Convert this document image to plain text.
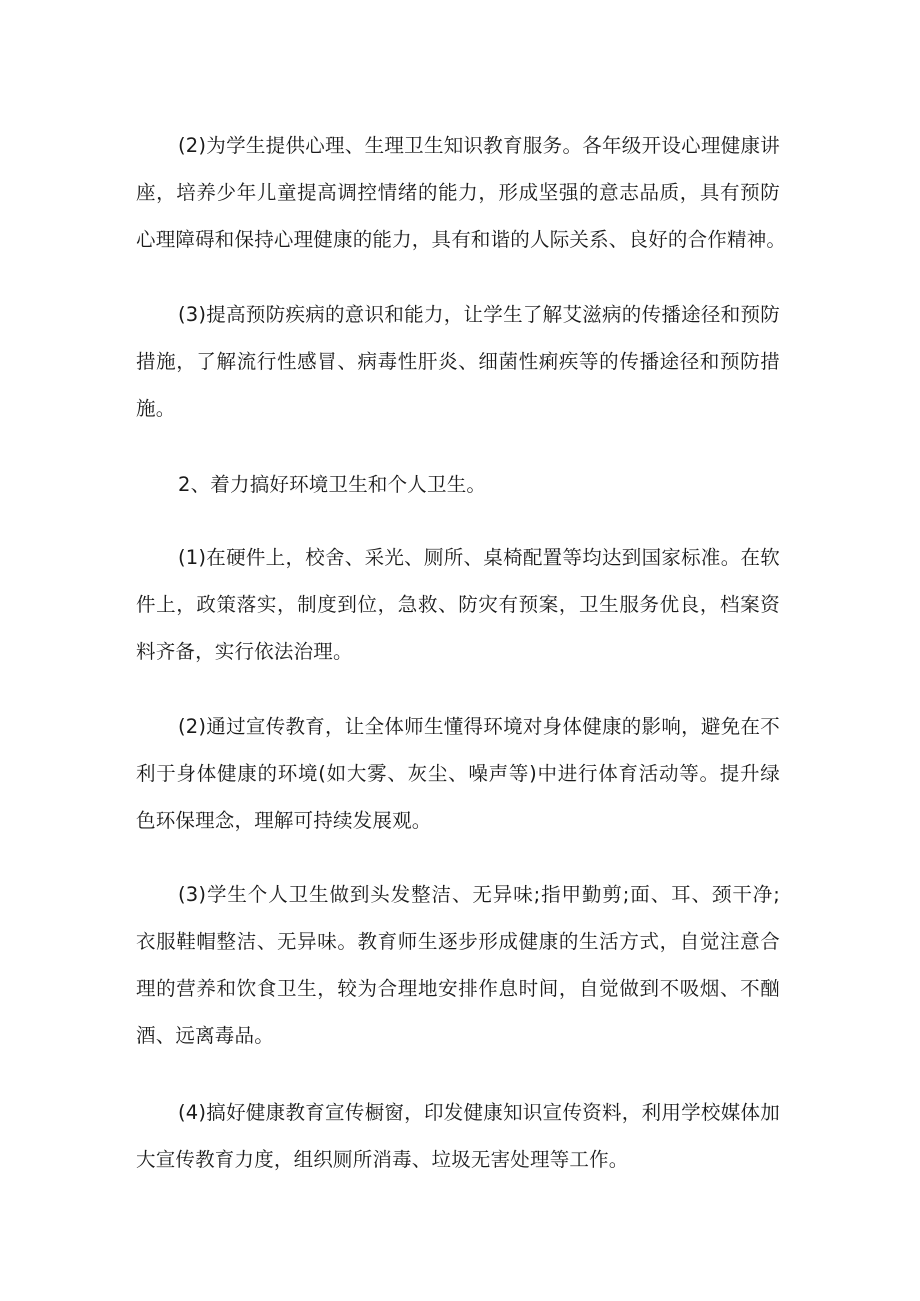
(2)为学生提供心理、生理卫生知识教育服务。各年级开设心理健康讲
座，培养少年儿童提高调控情绪的能力，形成坚强的意志品质，具有预防
心理障碍和保持心理健康的能力，具有和谐的人际关系、良好的合作精神。
(3)提高预防疾病的意识和能力，让学生了解艾滋病的传播途径和预防
措施，了解流行性感冒、病毒性肝炎、细菌性痢疾等的传播途径和预防措
施。
2、着力搞好环境卫生和个人卫生。
(1)在硬件上，校舍、采光、厕所、桌椅配置等均达到国家标准。在软
件上，政策落实，制度到位，急救、防灾有预案，卫生服务优良，档案资
料齐备，实行依法治理。
(2)通过宣传教育，让全体师生懂得环境对身体健康的影响，避免在不
利于身体健康的环境(如大雾、灰尘、噪声等)中进行体育活动等。提升绿
色环保理念，理解可持续发展观。
(3)学生个人卫生做到头发整洁、无异味;指甲勤剪;面、耳、颈干净;
衣服鞋帽整洁、无异味。教育师生逐步形成健康的生活方式，自觉注意合
理的营养和饮食卫生，较为合理地安排作息时间，自觉做到不吸烟、不酗
酒、远离毒品。
(4)搞好健康教育宣传橱窗，印发健康知识宣传资料，利用学校媒体加
大宣传教育力度，组织厕所消毒、垃圾无害处理等工作。
